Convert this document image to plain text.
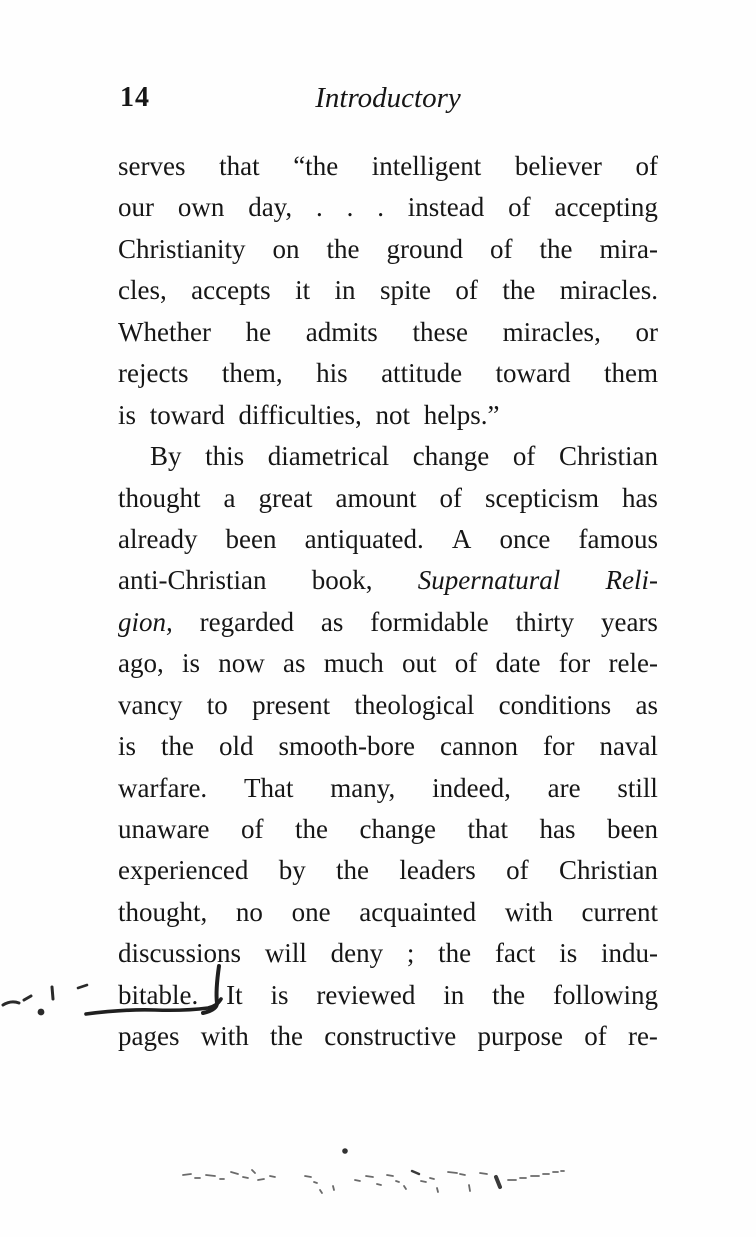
14	Introductory
serves that “the intelligent believer of
our own day, . . . instead of accepting
Christianity on the ground of the mira-
cles, accepts it in spite of the miracles.
Whether he admits these miracles, or
rejects them, his attitude toward them
is toward difficulties, not helps.”
By this diametrical change of Christian
thought a great amount of scepticism has
already been antiquated. A once famous
anti-Christian book, Supernatural Reli-
gion, regarded as formidable thirty years
ago, is now as much out of date for rele-
vancy to present theological conditions as
is the old smooth-bore cannon for naval
warfare. That many, indeed, are still
unaware of the change that has been
experienced by the leaders of Christian
thought, no one acquainted with current
discussions will deny ; the fact is indu-
bitable. It is reviewed in the following
pages with the constructive purpose of re-
